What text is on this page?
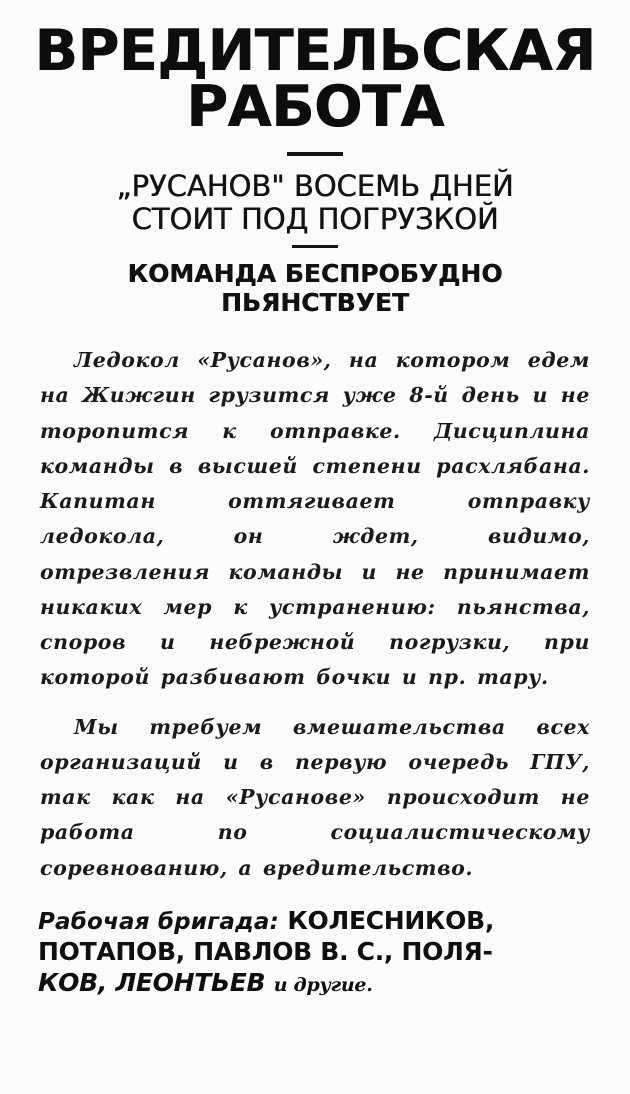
ВРЕДИТЕЛЬСКАЯ
РАБОТА
„РУСАНОВ" ВОСЕМЬ ДНЕЙ
СТОИТ ПОД ПОГРУЗКОЙ
КОМАНДА БЕСПРОБУДНО
ПЬЯНСТВУЕТ

Ледокол «Русанов», на котором едем на Жижгин грузится уже 8-й день и не торопится к отправке. Дисциплина команды в высшей степени расхлябана. Капитан оттягивает отправку ледокола, он ждет, видимо, отрезвления команды и не принимает никаких мер к устранению: пьянства, споров и небрежной погрузки, при которой разбивают бочки и пр. тару.

Мы требуем вмешательства всех организаций и в первую очередь ГПУ, так как на «Русанове» происходит не работа по социалистическому соревнованию, а вредительство.

Рабочая бригада: КОЛЕСНИКОВ,
ПОТАПОВ, ПАВЛОВ В. С., ПОЛЯ-
КОВ, ЛЕОНТЬЕВ и другие.
